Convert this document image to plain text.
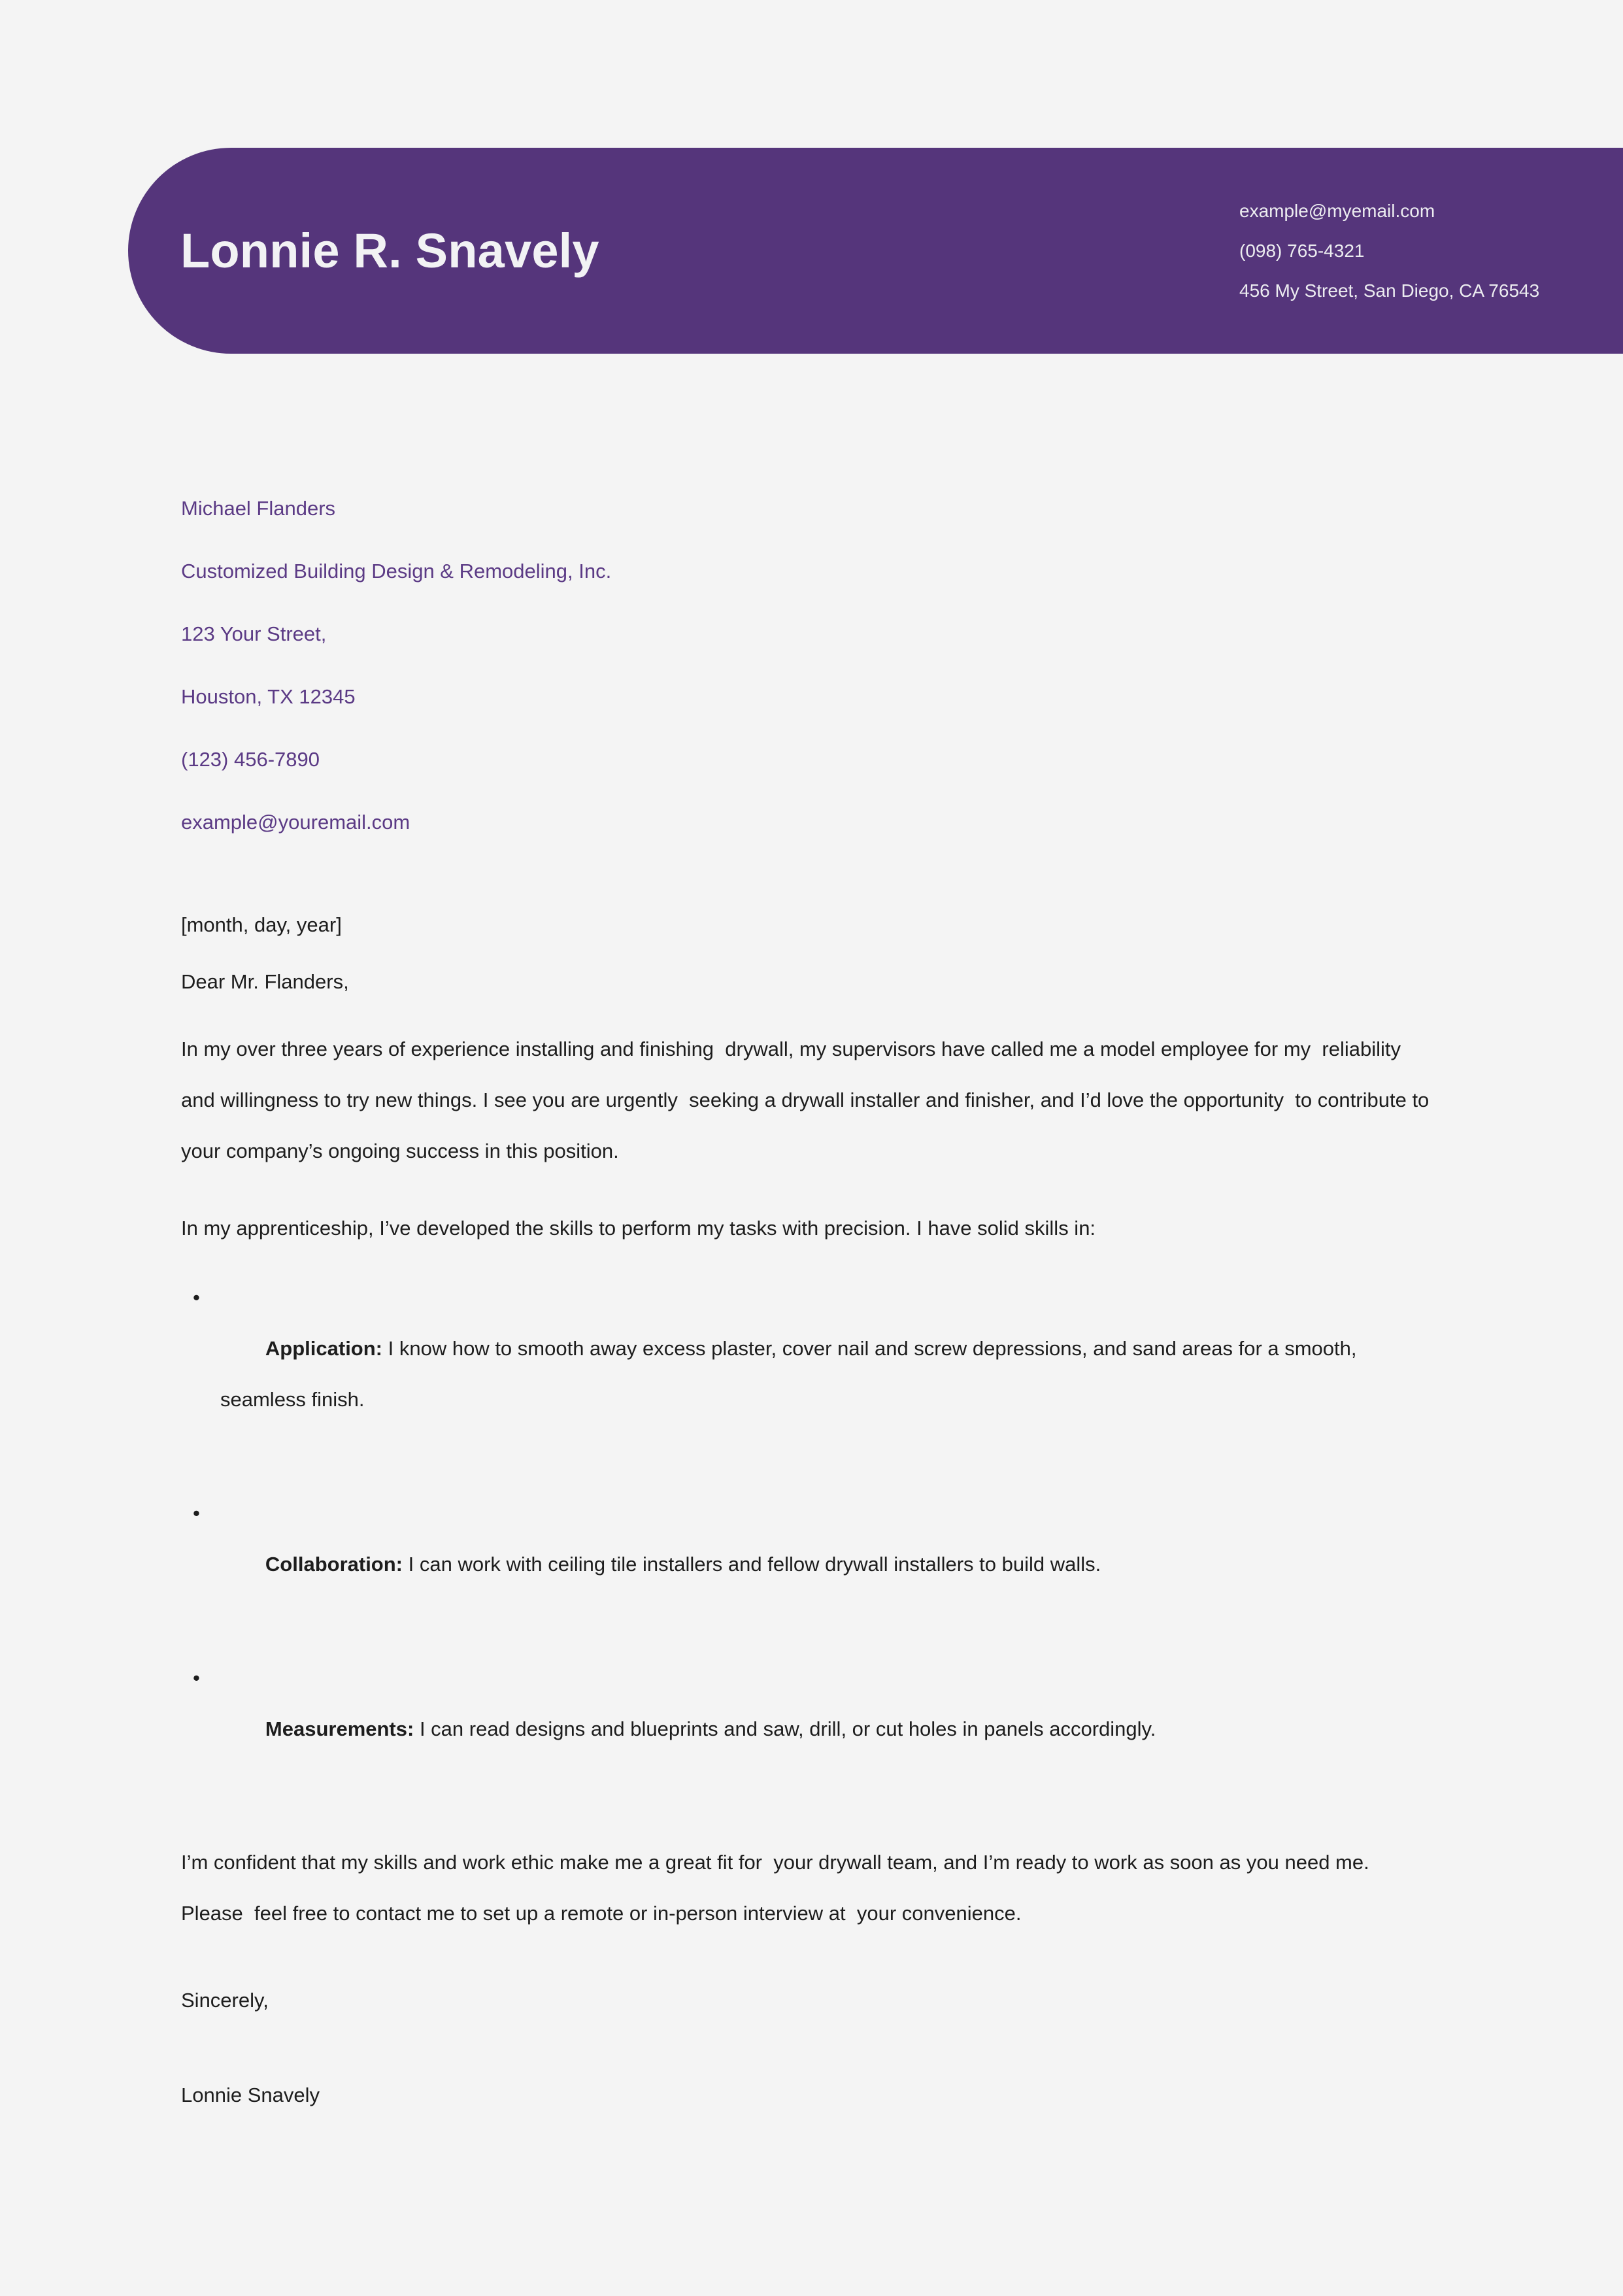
Lonnie R. Snavely
example@myemail.com
(098) 765-4321
456 My Street, San Diego, CA 76543
Michael Flanders
Customized Building Design & Remodeling, Inc.
123 Your Street,
Houston, TX 12345
(123) 456-7890
example@youremail.com
[month, day, year]
Dear Mr. Flanders,
In my over three years of experience installing and finishing  drywall, my supervisors have called me a model employee for my  reliability and willingness to try new things. I see you are urgently  seeking a drywall installer and finisher, and I’d love the opportunity  to contribute to your company’s ongoing success in this position.
In my apprenticeship, I’ve developed the skills to perform my tasks with precision. I have solid skills in:

•
Application: I know how to smooth away excess plaster, cover nail and screw depressions, and sand areas for a smooth, seamless finish.

•
Collaboration: I can work with ceiling tile installers and fellow drywall installers to build walls.

•
Measurements: I can read designs and blueprints and saw, drill, or cut holes in panels accordingly.

I’m confident that my skills and work ethic make me a great fit for  your drywall team, and I’m ready to work as soon as you need me. Please  feel free to contact me to set up a remote or in-person interview at  your convenience.
Sincerely,
Lonnie Snavely
